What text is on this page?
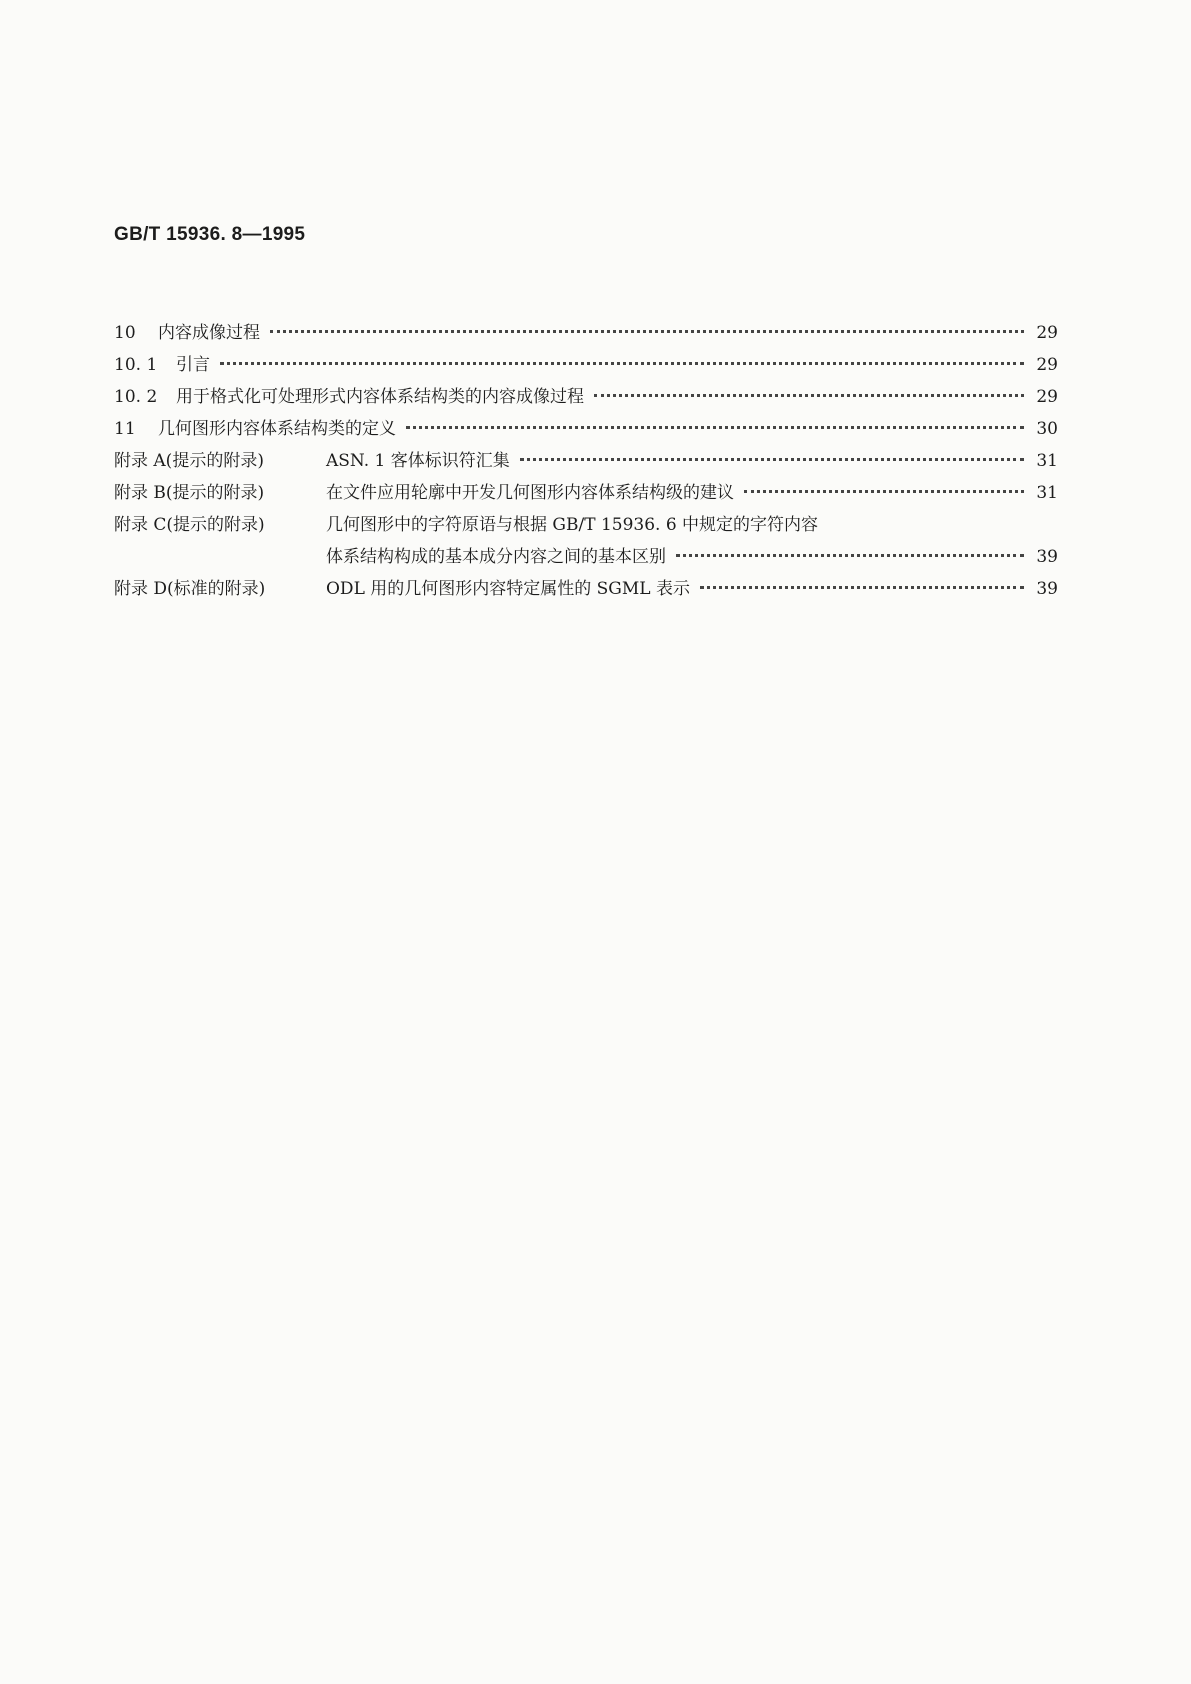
GB/T 15936. 8—1995
10 内容成像过程	29
10. 1 引言	29
10. 2 用于格式化可处理形式内容体系结构类的内容成像过程	29
11 几何图形内容体系结构类的定义	30
附录 A(提示的附录)	ASN. 1 客体标识符汇集	31
附录 B(提示的附录)	在文件应用轮廓中开发几何图形内容体系结构级的建议	31
附录 C(提示的附录)	几何图形中的字符原语与根据 GB/T 15936. 6 中规定的字符内容
体系结构构成的基本成分内容之间的基本区别	39
附录 D(标准的附录)	ODL 用的几何图形内容特定属性的 SGML 表示	39
